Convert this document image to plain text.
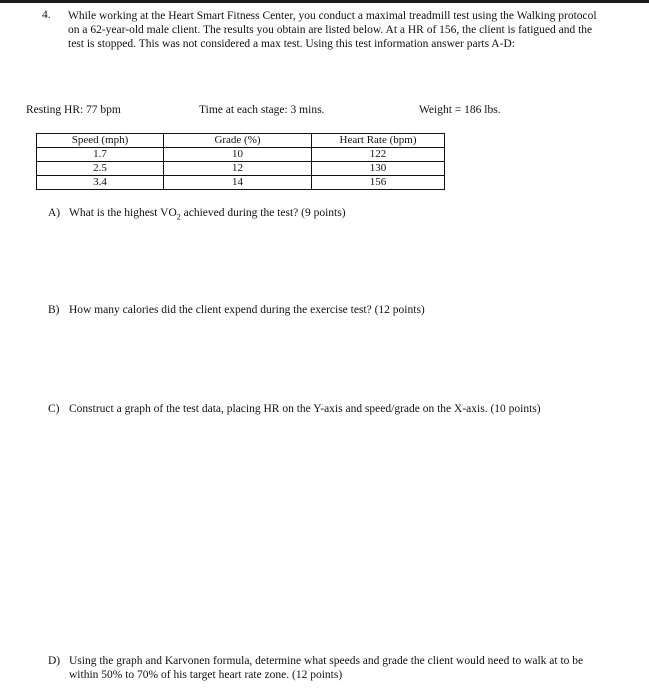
4. While working at the Heart Smart Fitness Center, you conduct a maximal treadmill test using the Walking protocol on a 62-year-old male client. The results you obtain are listed below. At a HR of 156, the client is fatigued and the test is stopped. This was not considered a max test. Using this test information answer parts A-D:
Resting HR: 77 bpm	Time at each stage: 3 mins.	Weight = 186 lbs.
Speed (mph)	Grade (%)	Heart Rate (bpm)
1.7	10	122
2.5	12	130
3.4	14	156
A) What is the highest $VO_2$ achieved during the test? (9 points)
B) How many calories did the client expend during the exercise test? (12 points)
C) Construct a graph of the test data, placing HR on the Y-axis and speed/grade on the X-axis. (10 points)
D) Using the graph and Karvonen formula, determine what speeds and grade the client would need to walk at to be within 50% to 70% of his target heart rate zone. (12 points)
